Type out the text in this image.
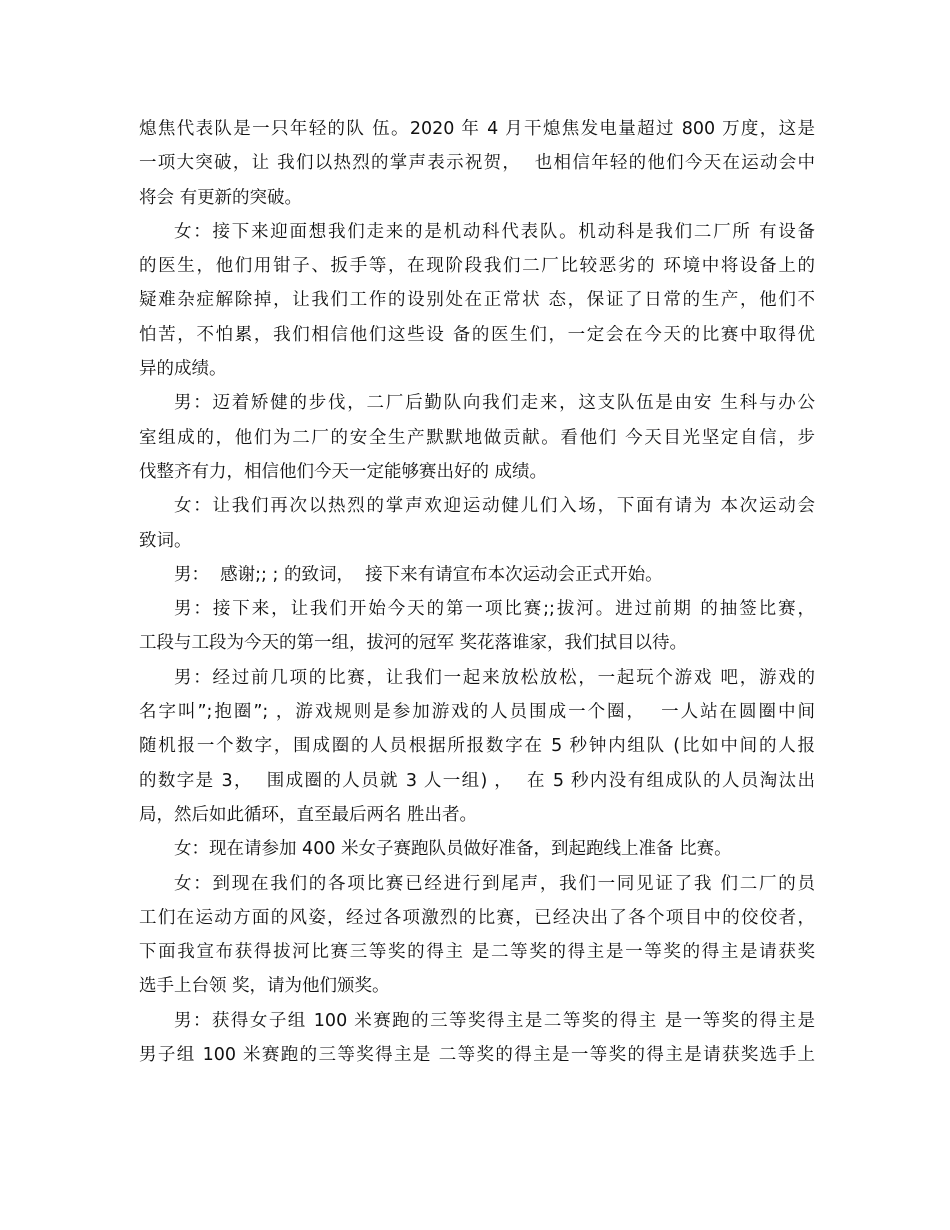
熄焦代表队是一只年轻的队 伍。2020 年 4 月干熄焦发电量超过 800 万度，这是
一项大突破，让 我们以热烈的掌声表示祝贺，  也相信年轻的他们今天在运动会中
将会 有更新的突破。
女：接下来迎面想我们走来的是机动科代表队。机动科是我们二厂所 有设备
的医生，他们用钳子、扳手等，在现阶段我们二厂比较恶劣的 环境中将设备上的
疑难杂症解除掉，让我们工作的设别处在正常状 态，保证了日常的生产，他们不
怕苦，不怕累，我们相信他们这些设 备的医生们，一定会在今天的比赛中取得优
异的成绩。
男：迈着矫健的步伐，二厂后勤队向我们走来，这支队伍是由安 生科与办公
室组成的，他们为二厂的安全生产默默地做贡献。看他们 今天目光坚定自信，步
伐整齐有力，相信他们今天一定能够赛出好的 成绩。
女：让我们再次以热烈的掌声欢迎运动健儿们入场，下面有请为 本次运动会
致词。
男：  感谢;; ; 的致词，  接下来有请宣布本次运动会正式开始。
男：接下来，让我们开始今天的第一项比赛;;拔河。进过前期 的抽签比赛，
工段与工段为今天的第一组，拔河的冠军 奖花落谁家，我们拭目以待。
男：经过前几项的比赛，让我们一起来放松放松，一起玩个游戏 吧，游戏的
名字叫”;抱圈”; ，游戏规则是参加游戏的人员围成一个圈，  一人站在圆圈中间
随机报一个数字，围成圈的人员根据所报数字在 5 秒钟内组队 (比如中间的人报
的数字是 3，  围成圈的人员就 3 人一组) ，  在 5 秒内没有组成队的人员淘汰出
局，然后如此循环，直至最后两名 胜出者。
女：现在请参加 400 米女子赛跑队员做好准备，到起跑线上准备 比赛。
女：到现在我们的各项比赛已经进行到尾声，我们一同见证了我 们二厂的员
工们在运动方面的风姿，经过各项激烈的比赛，已经决出了各个项目中的佼佼者，
下面我宣布获得拔河比赛三等奖的得主 是二等奖的得主是一等奖的得主是请获奖
选手上台领 奖，请为他们颁奖。
男：获得女子组 100 米赛跑的三等奖得主是二等奖的得主 是一等奖的得主是
男子组 100 米赛跑的三等奖得主是 二等奖的得主是一等奖的得主是请获奖选手上
